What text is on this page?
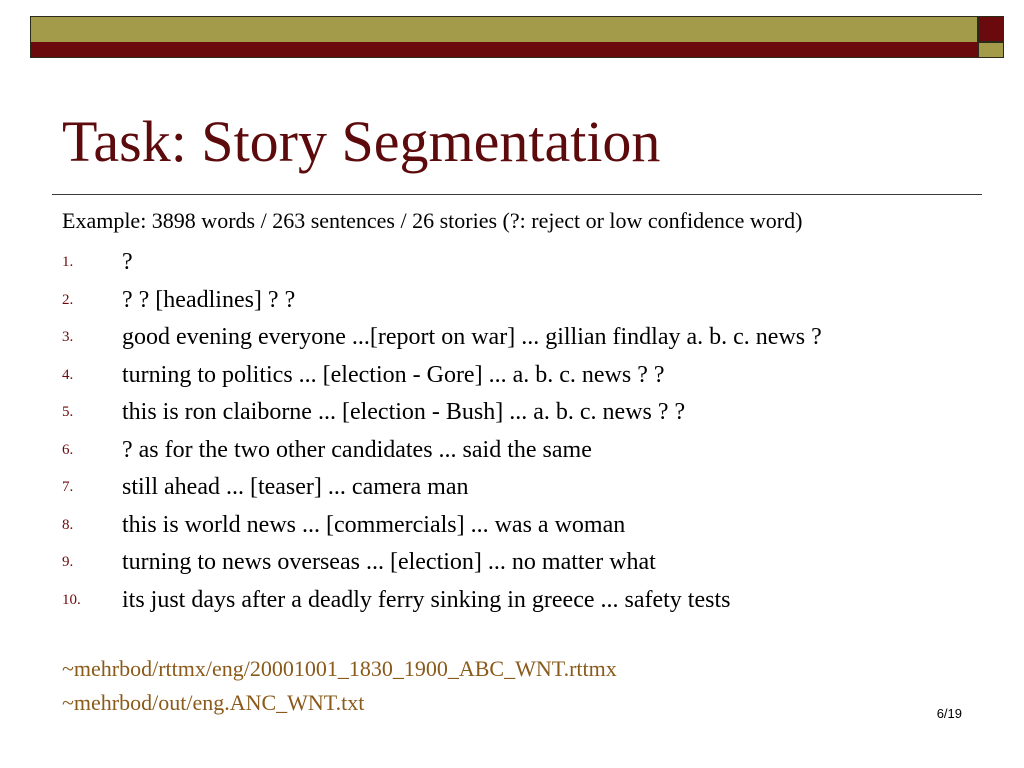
Task: Story Segmentation
Example: 3898 words / 263 sentences / 26 stories (?: reject or low confidence word)
1.	?
2.	? ? [headlines] ? ?
3.	good evening everyone ...[report on war] ... gillian findlay a. b. c. news ?
4.	turning to politics ... [election - Gore] ... a. b. c. news ? ?
5.	this is ron claiborne ... [election - Bush] ... a. b. c. news ? ?
6.	? as for the two other candidates ... said the same
7.	still ahead ... [teaser] ... camera man
8.	this is world news ... [commercials] ... was a woman
9.	turning to news overseas ... [election] ... no matter what
10.	its just days after a deadly ferry sinking in greece ... safety tests
~mehrbod/rttmx/eng/20001001_1830_1900_ABC_WNT.rttmx
~mehrbod/out/eng.ANC_WNT.txt	6/19
